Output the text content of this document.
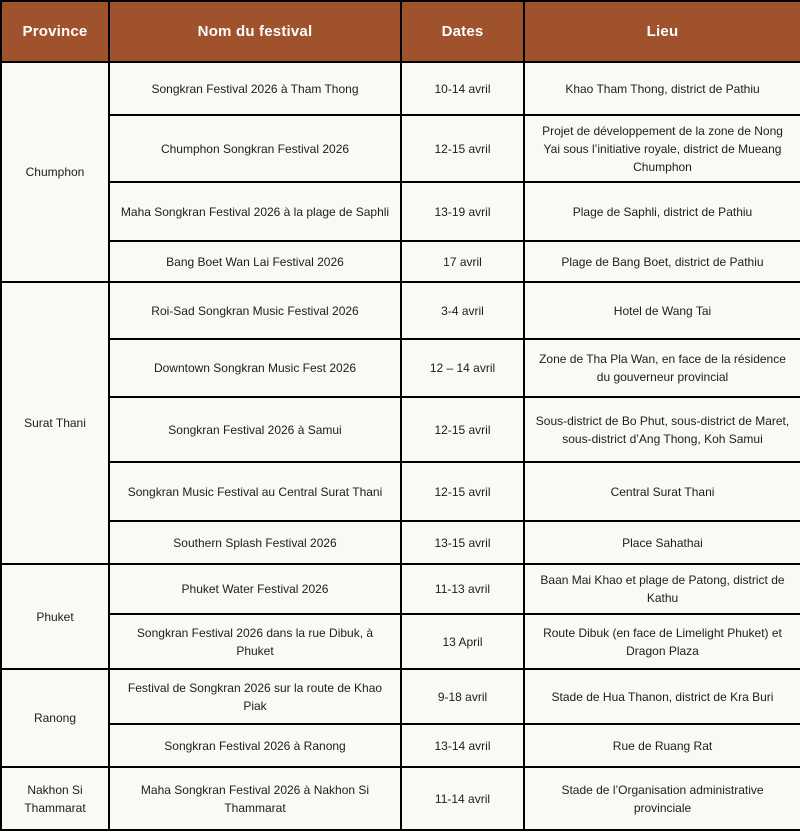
Province	Nom du festival	Dates	Lieu
Chumphon	Songkran Festival 2026 à Tham Thong	10-14 avril	Khao Tham Thong, district de Pathiu
	Chumphon Songkran Festival 2026	12-15 avril	Projet de développement de la zone de Nong Yai sous l’initiative royale, district de Mueang Chumphon
	Maha Songkran Festival 2026 à la plage de Saphli	13-19 avril	Plage de Saphli, district de Pathiu
	Bang Boet Wan Lai Festival 2026	17 avril	Plage de Bang Boet, district de Pathiu
Surat Thani	Roi-Sad Songkran Music Festival 2026	3-4 avril	Hotel de Wang Tai
	Downtown Songkran Music Fest 2026	12 – 14 avril	Zone de Tha Pla Wan, en face de la résidence du gouverneur provincial
	Songkran Festival 2026 à Samui	12-15 avril	Sous-district de Bo Phut, sous-district de Maret, sous-district d’Ang Thong, Koh Samui
	Songkran Music Festival au Central Surat Thani	12-15 avril	Central Surat Thani
	Southern Splash Festival 2026	13-15 avril	Place Sahathai
Phuket	Phuket Water Festival 2026	11-13 avril	Baan Mai Khao et plage de Patong, district de Kathu
	Songkran Festival 2026 dans la rue Dibuk, à Phuket	13 April	Route Dibuk (en face de Limelight Phuket) et Dragon Plaza
Ranong	Festival de Songkran 2026 sur la route de Khao Piak	9-18 avril	Stade de Hua Thanon, district de Kra Buri
	Songkran Festival 2026 à Ranong	13-14 avril	Rue de Ruang Rat
Nakhon Si Thammarat	Maha Songkran Festival 2026 à Nakhon Si Thammarat	11-14 avril	Stade de l’Organisation administrative provinciale
